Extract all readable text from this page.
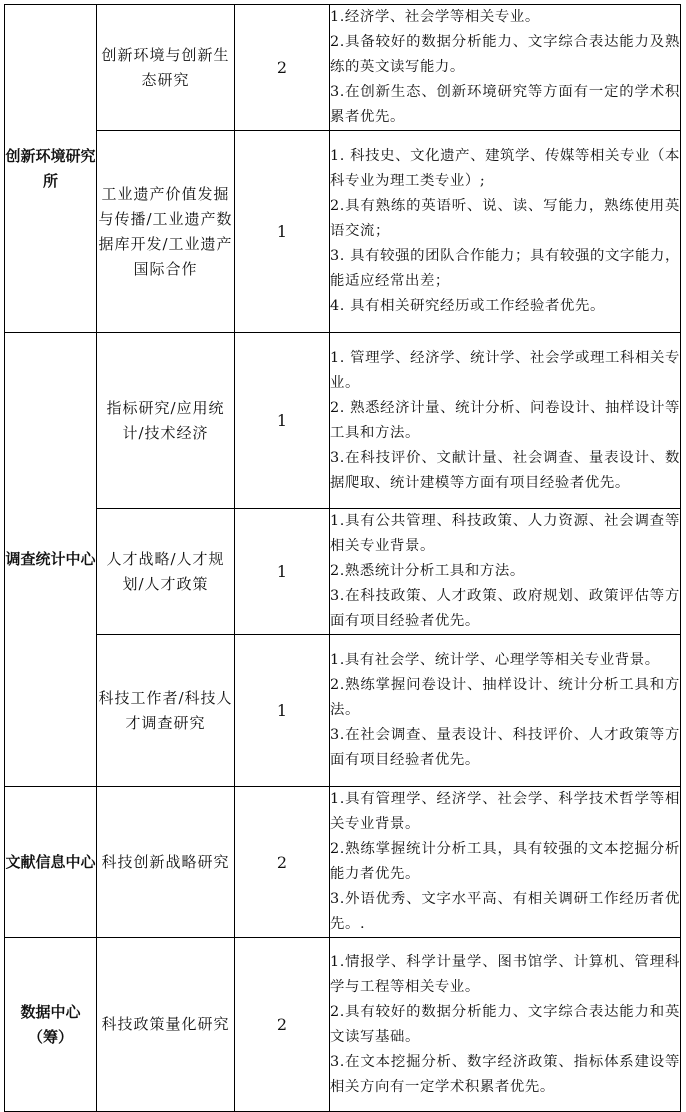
创新环境研究所	创新环境与创新生态研究	2	1.经济学、社会学等相关专业。

2.具备较好的数据分析能力、文字综合表达能力及熟练的英文读写能力。

3.在创新生态、创新环境研究等方面有一定的学术积累者优先。

	工业遗产价值发掘与传播/工业遗产数据库开发/工业遗产国际合作	1	1. 科技史、文化遗产、建筑学、传媒等相关专业（本科专业为理工类专业）;

2.具有熟练的英语听、说、读、写能力，熟练使用英语交流；

3. 具有较强的团队合作能力；具有较强的文字能力，能适应经常出差；

4. 具有相关研究经历或工作经验者优先。

调查统计中心	指标研究/应用统计/技术经济	1	1. 管理学、经济学、统计学、社会学或理工科相关专业。

2. 熟悉经济计量、统计分析、问卷设计、抽样设计等工具和方法。

3.在科技评价、文献计量、社会调查、量表设计、数据爬取、统计建模等方面有项目经验者优先。

	人才战略/人才规划/人才政策	1	1.具有公共管理、科技政策、人力资源、社会调查等相关专业背景。

2.熟悉统计分析工具和方法。

3.在科技政策、人才政策、政府规划、政策评估等方面有项目经验者优先。

	科技工作者/科技人才调查研究	1	1.具有社会学、统计学、心理学等相关专业背景。

2.熟练掌握问卷设计、抽样设计、统计分析工具和方法。

3.在社会调查、量表设计、科技评价、人才政策等方面有项目经验者优先。

文献信息中心	科技创新战略研究	2	1.具有管理学、经济学、社会学、科学技术哲学等相关专业背景。

2.熟练掌握统计分析工具，具有较强的文本挖掘分析能力者优先。

3.外语优秀、文字水平高、有相关调研工作经历者优先。.

数据中心（筹）	科技政策量化研究	2	1.情报学、科学计量学、图书馆学、计算机、管理科学与工程等相关专业。

2.具有较好的数据分析能力、文字综合表达能力和英文读写基础。

3.在文本挖掘分析、数字经济政策、指标体系建设等相关方向有一定学术积累者优先。
